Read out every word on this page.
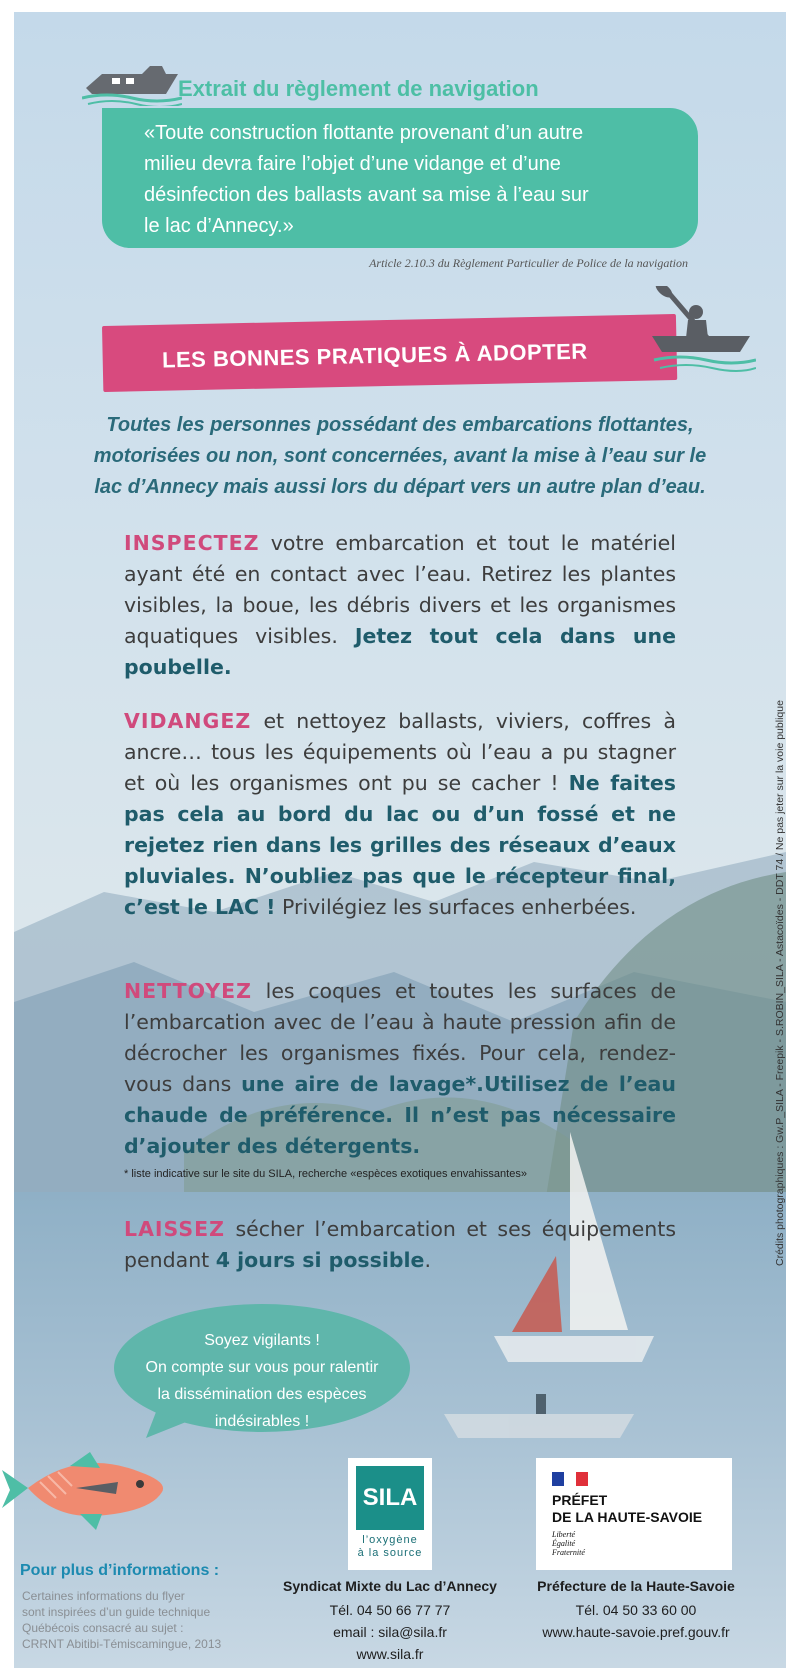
Extrait du règlement de navigation
«Toute construction flottante provenant d’un autre
milieu devra faire l’objet d’une vidange et d’une
désinfection des ballasts avant sa mise à l’eau sur
le lac d’Annecy.»
Article 2.10.3 du Règlement Particulier de Police de la navigation
LES BONNES PRATIQUES À ADOPTER
Toutes les personnes possédant des embarcations flottantes,
motorisées ou non, sont concernées, avant la mise à l’eau sur le
lac d’Annecy mais aussi lors du départ vers un autre plan d’eau.
INSPECTEZ votre embarcation et tout le matériel ayant été en contact avec l’eau. Retirez les plantes visibles, la boue, les débris divers et les organismes aquatiques visibles. Jetez tout cela dans une poubelle.
VIDANGEZ et nettoyez ballasts, viviers, coffres à ancre… tous les équipements où l’eau a pu stagner et où les organismes ont pu se cacher ! Ne faites pas cela au bord du lac ou d’un fossé et ne rejetez rien dans les grilles des réseaux d’eaux pluviales. N’oubliez pas que le récepteur final, c’est le LAC ! Privilégiez les surfaces enherbées.
NETTOYEZ les coques et toutes les surfaces de l’embarcation avec de l’eau à haute pression afin de décrocher les organismes fixés. Pour cela, rendez-vous dans une aire de lavage*.Utilisez de l’eau chaude de préférence. Il n’est pas nécessaire d’ajouter des détergents.
* liste indicative sur le site du SILA, recherche «espèces exotiques envahissantes»
LAISSEZ sécher l’embarcation et ses équipements pendant 4 jours si possible.
Soyez vigilants !
On compte sur vous pour ralentir
la dissémination des espèces
indésirables !
Pour plus d’informations :
Certaines informations du flyer
sont inspirées d’un guide technique
Québécois consacré au sujet :
CRRNT Abitibi-Témiscamingue, 2013
SILA
l’oxygène
à la source
Syndicat Mixte du Lac d’Annecy
Tél. 04 50 66 77 77
email : sila@sila.fr
www.sila.fr
PRÉFET
DE LA HAUTE-SAVOIE
Liberté
Égalité
Fraternité
Préfecture de la Haute-Savoie
Tél. 04 50 33 60 00
www.haute-savoie.pref.gouv.fr
Crédits photographiques : Gw.P_SILA - Freepik - S.ROBIN_SILA - Astacoïdes - DDT 74 / Ne pas jeter sur la voie publique
